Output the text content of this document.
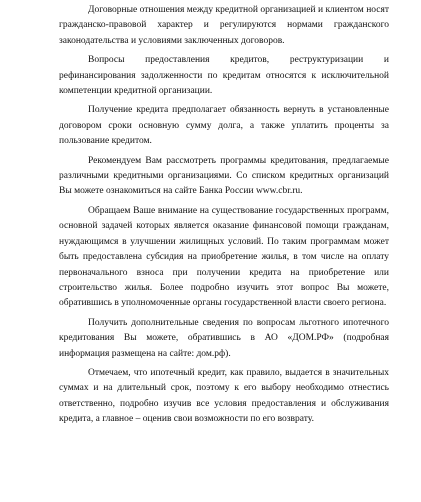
Договорные отношения между кредитной организацией и клиентом носят гражданско-правовой характер и регулируются нормами гражданского законодательства и условиями заключенных договоров.

Вопросы предоставления кредитов, реструктуризации и рефинансирования задолженности по кредитам относятся к исключительной компетенции кредитной организации.

Получение кредита предполагает обязанность вернуть в установленные договором сроки основную сумму долга, а также уплатить проценты за пользование кредитом.

Рекомендуем Вам рассмотреть программы кредитования, предлагаемые различными кредитными организациями. Со списком кредитных организаций Вы можете ознакомиться на сайте Банка России www.cbr.ru.

Обращаем Ваше внимание на существование государственных программ, основной задачей которых является оказание финансовой помощи гражданам, нуждающимся в улучшении жилищных условий. По таким программам может быть предоставлена субсидия на приобретение жилья, в том числе на оплату первоначального взноса при получении кредита на приобретение или строительство жилья. Более подробно изучить этот вопрос Вы можете, обратившись в уполномоченные органы государственной власти своего региона.

Получить дополнительные сведения по вопросам льготного ипотечного кредитования Вы можете, обратившись в АО «ДОМ.РФ» (подробная информация размещена на сайте: дом.рф).

Отмечаем, что ипотечный кредит, как правило, выдается в значительных суммах и на длительный срок, поэтому к его выбору необходимо отнестись ответственно, подробно изучив все условия предоставления и обслуживания кредита, а главное – оценив свои возможности по его возврату.
